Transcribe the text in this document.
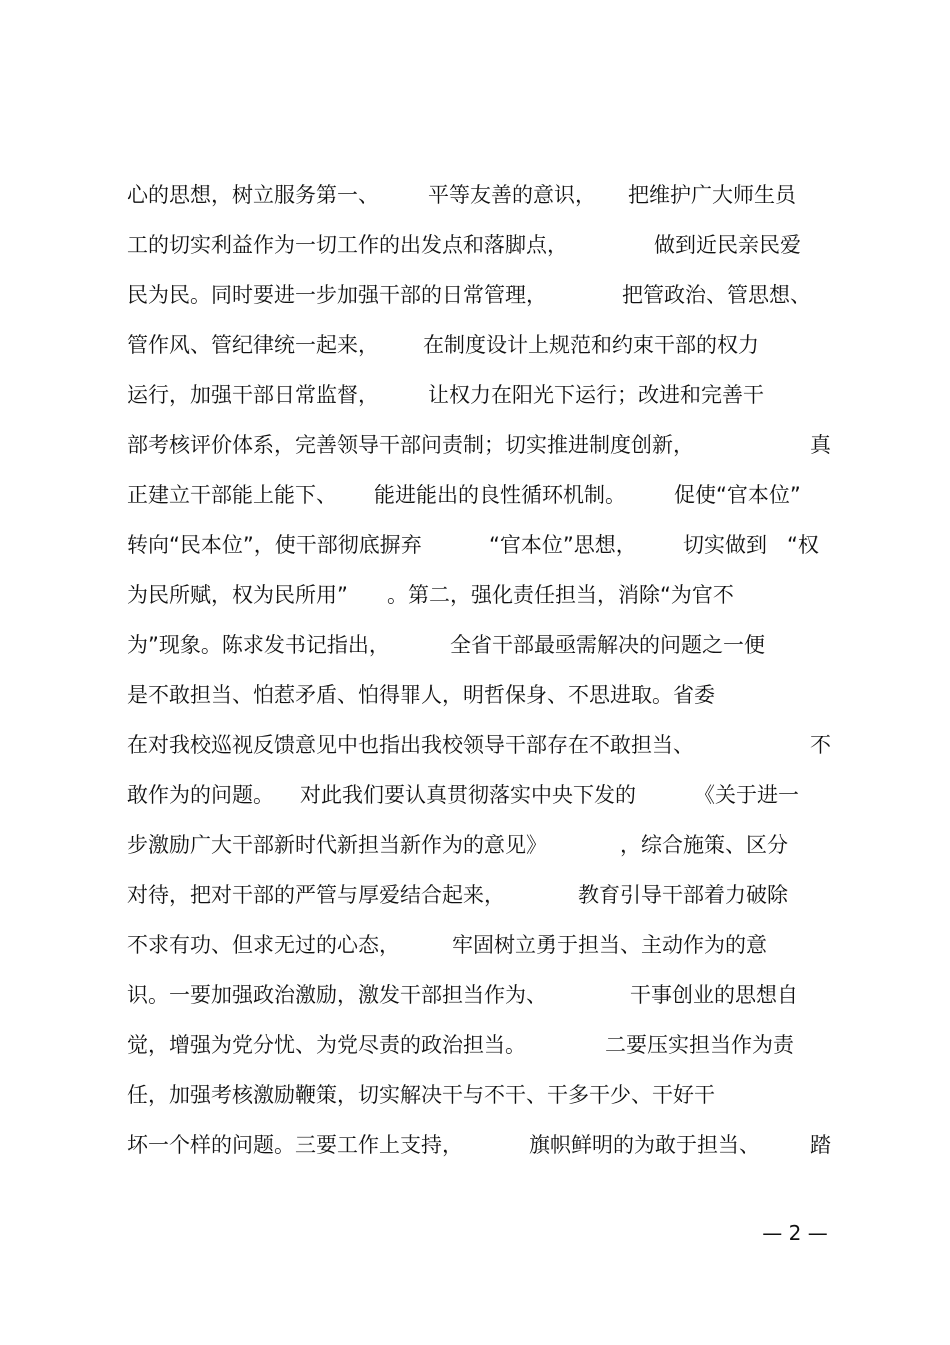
心的思想，树立服务第一、 平等友善的意识， 把维护广大师生员
工的切实利益作为一切工作的出发点和落脚点，	做到近民亲民爱
民为民。同时要进一步加强干部的日常管理，	把管政治、管思想、
管作风、管纪律统一起来， 在制度设计上规范和约束干部的权力
运行，加强干部日常监督， 让权力在阳光下运行；改进和完善干
部考核评价体系，完善领导干部问责制；切实推进制度创新，	真
正建立干部能上能下、 能进能出的良性循环机制。 促使“官本位”
转向“民本位”，使干部彻底摒弃	“官本位”思想， 切实做到 “权
为民所赋，权为民所用” 。第二，强化责任担当，消除“为官不
为”现象。陈求发书记指出，	全省干部最亟需解决的问题之一便
是不敢担当、怕惹矛盾、怕得罪人，明哲保身、不思进取。省委
在对我校巡视反馈意见中也指出我校领导干部存在不敢担当、	不
敢作为的问题。 对此我们要认真贯彻落实中央下发的	《关于进一
步激励广大干部新时代新担当新作为的意见》	，综合施策、区分
对待，把对干部的严管与厚爱结合起来，	教育引导干部着力破除
不求有功、但求无过的心态， 牢固树立勇于担当、主动作为的意
识。一要加强政治激励，激发干部担当作为、	干事创业的思想自
觉，增强为党分忧、为党尽责的政治担当。	二要压实担当作为责
任，加强考核激励鞭策，切实解决干与不干、干多干少、干好干
坏一个样的问题。三要工作上支持，	旗帜鲜明的为敢于担当、 踏
— 2 —
